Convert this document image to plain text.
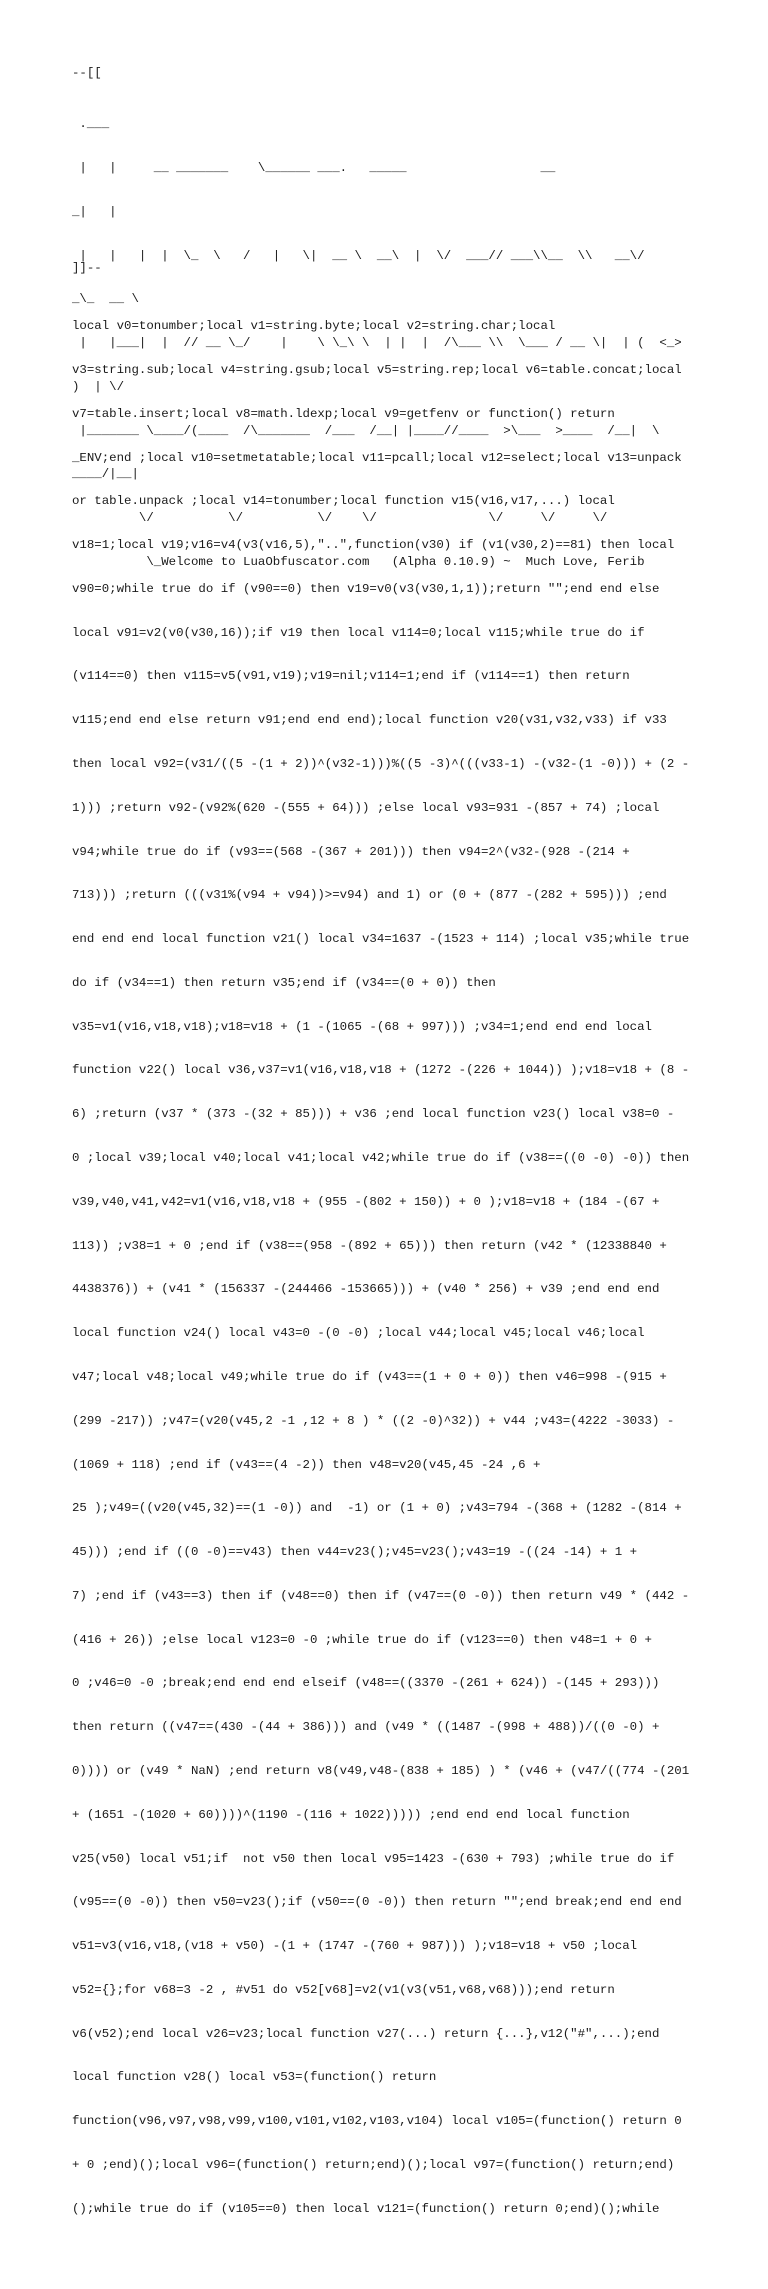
--[[

.___

|   |     __ _______    \______ ___.   _____                  __

_|   |

|   |   |  |  \_  \   /   |   \|  __ \  __\  |  \/  ___// ___\\__  \\   __\/

_\_  __ \

|   |___|  |  // __ \_/    |    \ \_\ \  | |  |  /\___ \\  \___ / __ \|  | (  <_>

)  | \/

|_______ \____/(____  /\_______  /___  /__| |____//____  >\___  >____  /__|  \

____/|__|

\/          \/          \/    \/               \/     \/     \/

\_Welcome to LuaObfuscator.com   (Alpha 0.10.9) ~  Much Love, Ferib

]]--

local v0=tonumber;local v1=string.byte;local v2=string.char;local

v3=string.sub;local v4=string.gsub;local v5=string.rep;local v6=table.concat;local

v7=table.insert;local v8=math.ldexp;local v9=getfenv or function() return

_ENV;end ;local v10=setmetatable;local v11=pcall;local v12=select;local v13=unpack

or table.unpack ;local v14=tonumber;local function v15(v16,v17,...) local

v18=1;local v19;v16=v4(v3(v16,5),"..",function(v30) if (v1(v30,2)==81) then local

v90=0;while true do if (v90==0) then v19=v0(v3(v30,1,1));return "";end end else

local v91=v2(v0(v30,16));if v19 then local v114=0;local v115;while true do if

(v114==0) then v115=v5(v91,v19);v19=nil;v114=1;end if (v114==1) then return

v115;end end else return v91;end end end);local function v20(v31,v32,v33) if v33

then local v92=(v31/((5 -(1 + 2))^(v32-1)))%((5 -3)^(((v33-1) -(v32-(1 -0))) + (2 -

1))) ;return v92-(v92%(620 -(555 + 64))) ;else local v93=931 -(857 + 74) ;local

v94;while true do if (v93==(568 -(367 + 201))) then v94=2^(v32-(928 -(214 +

713))) ;return (((v31%(v94 + v94))>=v94) and 1) or (0 + (877 -(282 + 595))) ;end

end end end local function v21() local v34=1637 -(1523 + 114) ;local v35;while true

do if (v34==1) then return v35;end if (v34==(0 + 0)) then

v35=v1(v16,v18,v18);v18=v18 + (1 -(1065 -(68 + 997))) ;v34=1;end end end local

function v22() local v36,v37=v1(v16,v18,v18 + (1272 -(226 + 1044)) );v18=v18 + (8 -

6) ;return (v37 * (373 -(32 + 85))) + v36 ;end local function v23() local v38=0 -

0 ;local v39;local v40;local v41;local v42;while true do if (v38==((0 -0) -0)) then

v39,v40,v41,v42=v1(v16,v18,v18 + (955 -(802 + 150)) + 0 );v18=v18 + (184 -(67 +

113)) ;v38=1 + 0 ;end if (v38==(958 -(892 + 65))) then return (v42 * (12338840 +

4438376)) + (v41 * (156337 -(244466 -153665))) + (v40 * 256) + v39 ;end end end

local function v24() local v43=0 -(0 -0) ;local v44;local v45;local v46;local

v47;local v48;local v49;while true do if (v43==(1 + 0 + 0)) then v46=998 -(915 +

(299 -217)) ;v47=(v20(v45,2 -1 ,12 + 8 ) * ((2 -0)^32)) + v44 ;v43=(4222 -3033) -

(1069 + 118) ;end if (v43==(4 -2)) then v48=v20(v45,45 -24 ,6 +

25 );v49=((v20(v45,32)==(1 -0)) and  -1) or (1 + 0) ;v43=794 -(368 + (1282 -(814 +

45))) ;end if ((0 -0)==v43) then v44=v23();v45=v23();v43=19 -((24 -14) + 1 +

7) ;end if (v43==3) then if (v48==0) then if (v47==(0 -0)) then return v49 * (442 -

(416 + 26)) ;else local v123=0 -0 ;while true do if (v123==0) then v48=1 + 0 +

0 ;v46=0 -0 ;break;end end end elseif (v48==((3370 -(261 + 624)) -(145 + 293)))

then return ((v47==(430 -(44 + 386))) and (v49 * ((1487 -(998 + 488))/((0 -0) +

0)))) or (v49 * NaN) ;end return v8(v49,v48-(838 + 185) ) * (v46 + (v47/((774 -(201

+ (1651 -(1020 + 60))))^(1190 -(116 + 1022))))) ;end end end local function

v25(v50) local v51;if  not v50 then local v95=1423 -(630 + 793) ;while true do if

(v95==(0 -0)) then v50=v23();if (v50==(0 -0)) then return "";end break;end end end

v51=v3(v16,v18,(v18 + v50) -(1 + (1747 -(760 + 987))) );v18=v18 + v50 ;local

v52={};for v68=3 -2 , #v51 do v52[v68]=v2(v1(v3(v51,v68,v68)));end return

v6(v52);end local v26=v23;local function v27(...) return {...},v12("#",...);end

local function v28() local v53=(function() return

function(v96,v97,v98,v99,v100,v101,v102,v103,v104) local v105=(function() return 0

+ 0 ;end)();local v96=(function() return;end)();local v97=(function() return;end)

();while true do if (v105==0) then local v121=(function() return 0;end)();while
